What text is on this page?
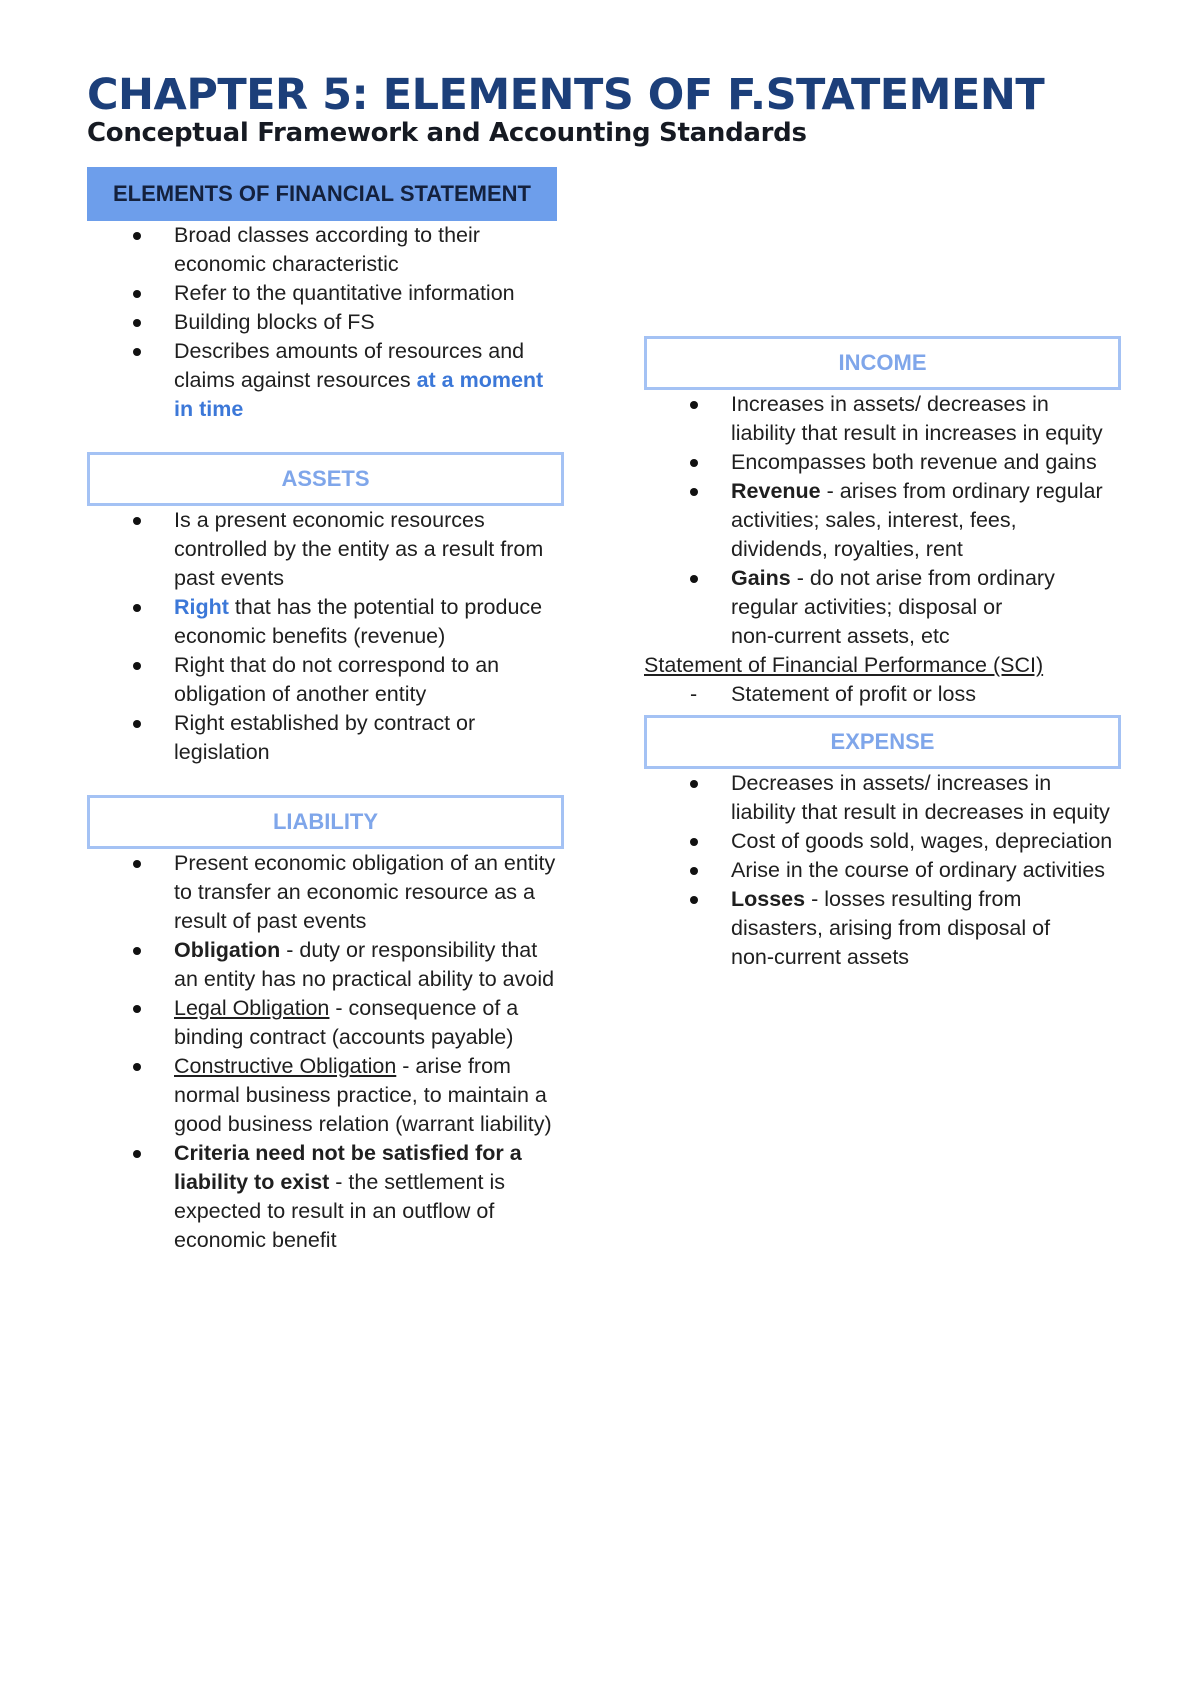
CHAPTER 5: ELEMENTS OF F.STATEMENT
Conceptual Framework and Accounting Standards
ELEMENTS OF FINANCIAL STATEMENT
Broad classes according to their
economic characteristic
Refer to the quantitative information
Building blocks of FS
Describes amounts of resources and
claims against resources at a moment
in time
ASSETS
Is a present economic resources
controlled by the entity as a result from
past events
Right that has the potential to produce
economic benefits (revenue)
Right that do not correspond to an
obligation of another entity
Right established by contract or
legislation
LIABILITY
Present economic obligation of an entity
to transfer an economic resource as a
result of past events
Obligation - duty or responsibility that
an entity has no practical ability to avoid
Legal Obligation - consequence of a
binding contract (accounts payable)
Constructive Obligation - arise from
normal business practice, to maintain a
good business relation (warrant liability)
Criteria need not be satisfied for a
liability to exist - the settlement is
expected to result in an outflow of
economic benefit
INCOME
Increases in assets/ decreases in
liability that result in increases in equity
Encompasses both revenue and gains
Revenue - arises from ordinary regular
activities; sales, interest, fees,
dividends, royalties, rent
Gains - do not arise from ordinary
regular activities; disposal or
non-current assets, etc
Statement of Financial Performance (SCI)
- Statement of profit or loss
EXPENSE
Decreases in assets/ increases in
liability that result in decreases in equity
Cost of goods sold, wages, depreciation
Arise in the course of ordinary activities
Losses - losses resulting from
disasters, arising from disposal of
non-current assets
